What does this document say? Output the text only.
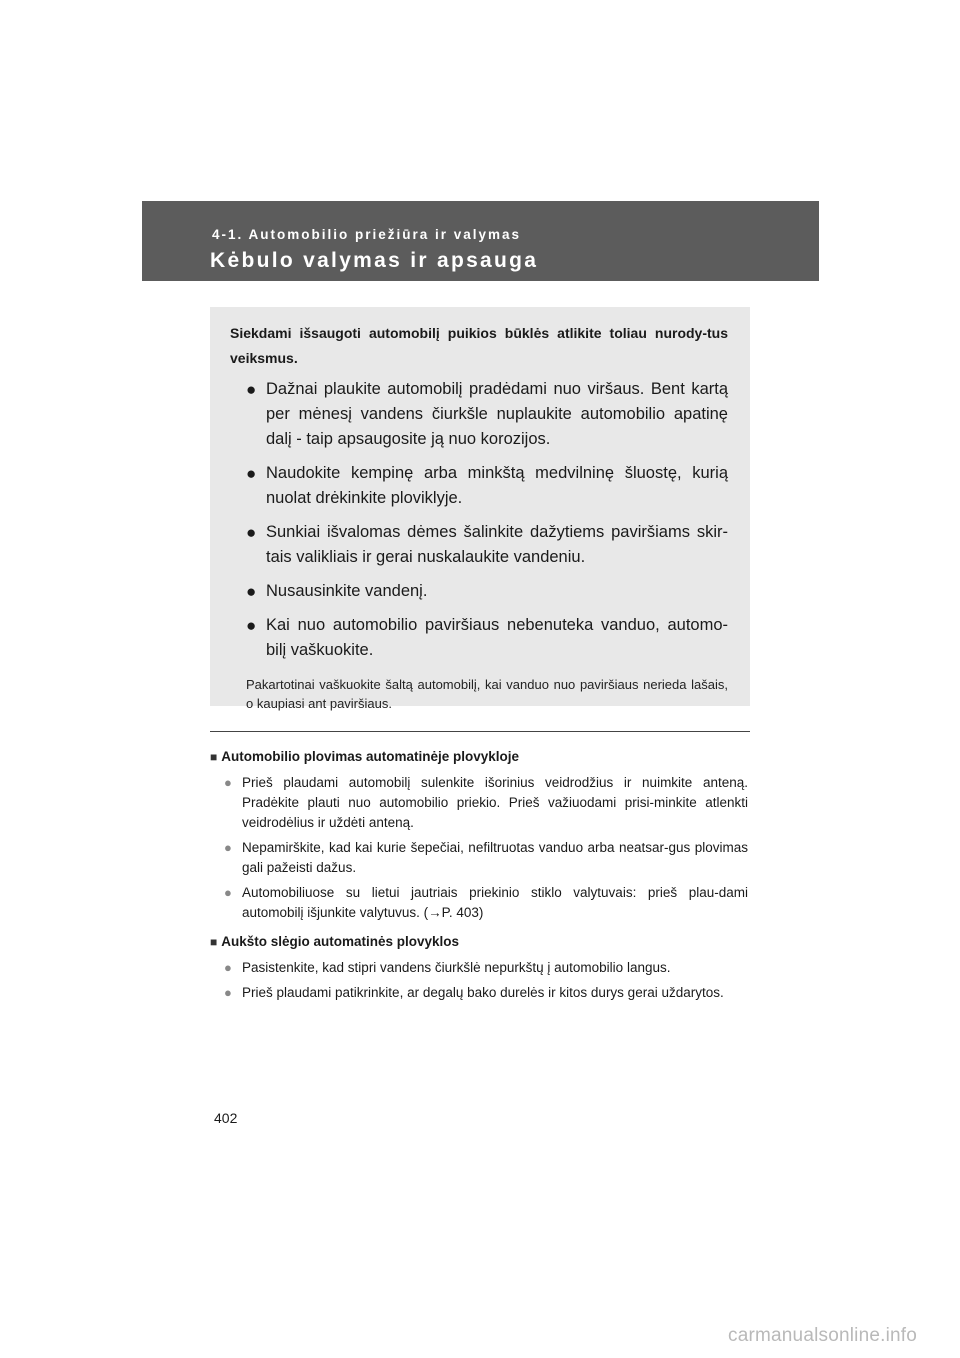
4-1. Automobilio priežiūra ir valymas
Kėbulo valymas ir apsauga

Siekdami išsaugoti automobilį puikios būklės atlikite toliau nurody-tus veiksmus.

● Dažnai plaukite automobilį pradėdami nuo viršaus. Bent kartą per mėnesį vandens čiurkšle nuplaukite automobilio apatinę dalį - taip apsaugosite ją nuo korozijos.
● Naudokite kempinę arba minkštą medvilninę šluostę, kurią nuolat drėkinkite ploviklyje.
● Sunkiai išvalomas dėmes šalinkite dažytiems paviršiams skir-tais valikliais ir gerai nuskalaukite vandeniu.
● Nusausinkite vandenį.
● Kai nuo automobilio paviršiaus nebenuteka vanduo, automo-bilį vaškuokite.

Pakartotinai vaškuokite šaltą automobilį, kai vanduo nuo paviršiaus nerieda lašais, o kaupiasi ant paviršiaus.

■ Automobilio plovimas automatinėje plovykloje
● Prieš plaudami automobilį sulenkite išorinius veidrodžius ir nuimkite anteną. Pradėkite plauti nuo automobilio priekio. Prieš važiuodami prisi-minkite atlenkti veidrodėlius ir uždėti anteną.
● Nepamirškite, kad kai kurie šepečiai, nefiltruotas vanduo arba neatsar-gus plovimas gali pažeisti dažus.
● Automobiliuose su lietui jautriais priekinio stiklo valytuvais: prieš plau-dami automobilį išjunkite valytuvus. (→P. 403)
■ Aukšto slėgio automatinės plovyklos
● Pasistenkite, kad stipri vandens čiurkšlė nepurkštų į automobilio langus.
● Prieš plaudami patikrinkite, ar degalų bako durelės ir kitos durys gerai uždarytos.
402
carmanualsonline.info
